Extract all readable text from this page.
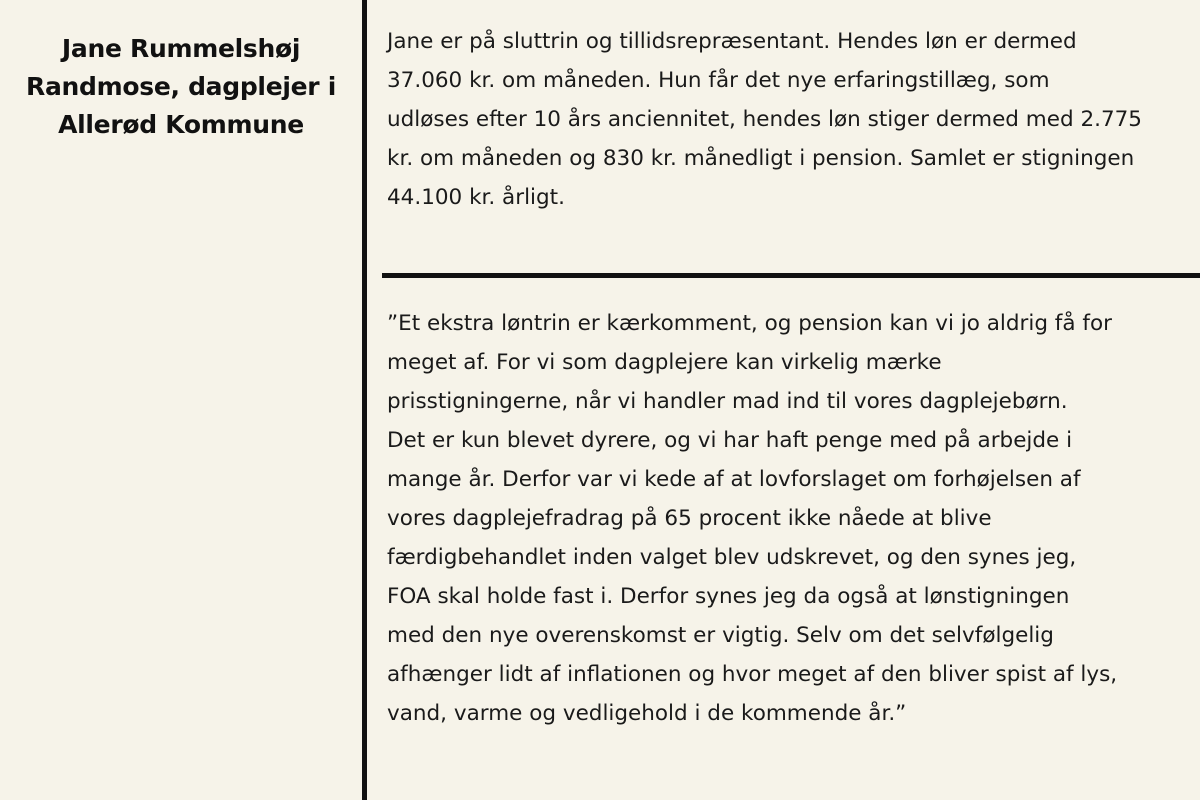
Jane Rummelshøj
Randmose, dagplejer i
Allerød Kommune
Jane er på sluttrin og tillidsrepræsentant. Hendes løn er dermed
37.060 kr. om måneden. Hun får det nye erfaringstillæg, som
udløses efter 10 års anciennitet, hendes løn stiger dermed med 2.775
kr. om måneden og 830 kr. månedligt i pension. Samlet er stigningen
44.100 kr. årligt.
”Et ekstra løntrin er kærkomment, og pension kan vi jo aldrig få for
meget af. For vi som dagplejere kan virkelig mærke
prisstigningerne, når vi handler mad ind til vores dagplejebørn.
Det er kun blevet dyrere, og vi har haft penge med på arbejde i
mange år. Derfor var vi kede af at lovforslaget om forhøjelsen af
vores dagplejefradrag på 65 procent ikke nåede at blive
færdigbehandlet inden valget blev udskrevet, og den synes jeg,
FOA skal holde fast i. Derfor synes jeg da også at lønstigningen
med den nye overenskomst er vigtig. Selv om det selvfølgelig
afhænger lidt af inflationen og hvor meget af den bliver spist af lys,
vand, varme og vedligehold i de kommende år.”
